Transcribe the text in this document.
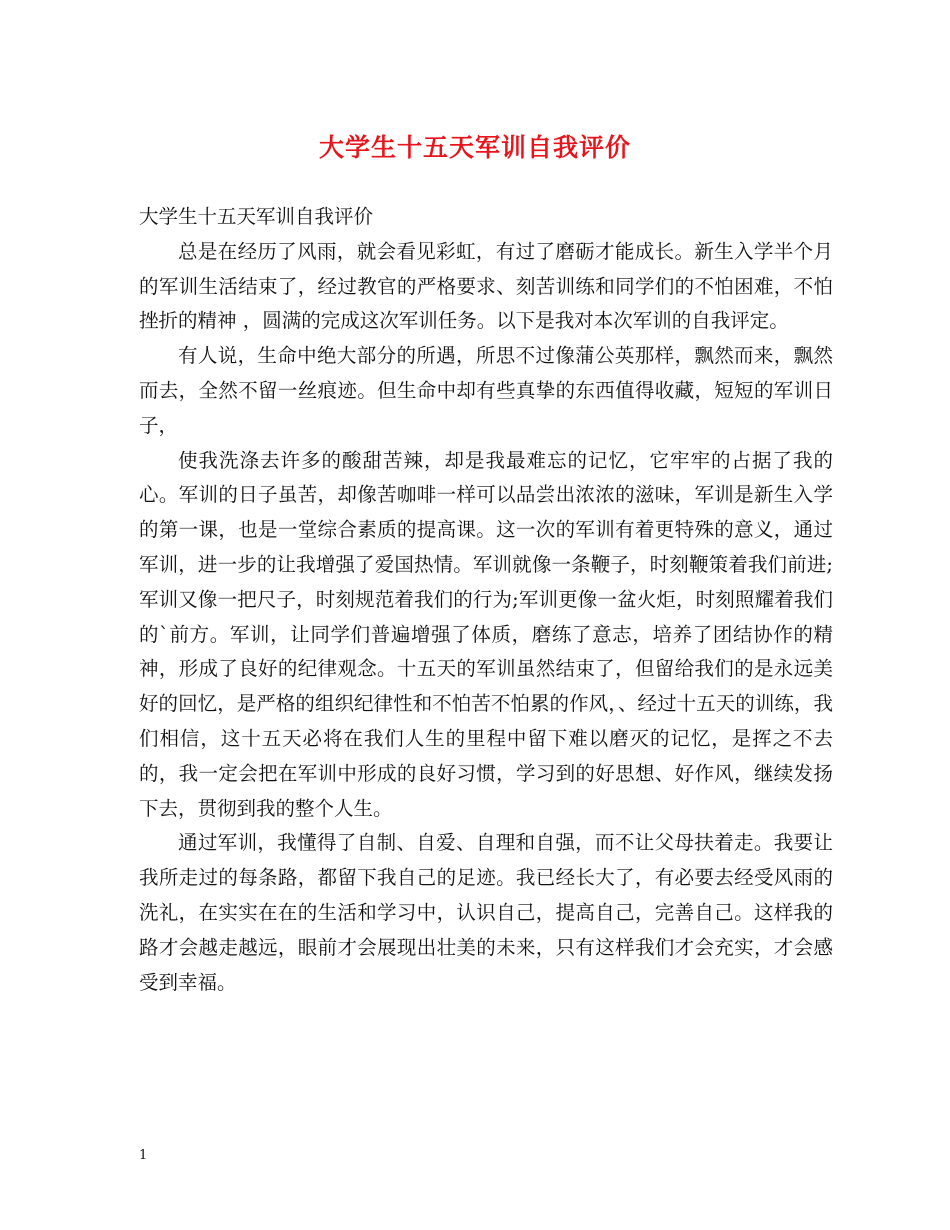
大学生十五天军训自我评价

大学生十五天军训自我评价

总是在经历了风雨，就会看见彩虹，有过了磨砺才能成长。新生入学半个月的军训生活结束了，经过教官的严格要求、刻苦训练和同学们的不怕困难，不怕挫折的精神 ，圆满的完成这次军训任务。以下是我对本次军训的自我评定。

有人说，生命中绝大部分的所遇，所思不过像蒲公英那样，飘然而来，飘然而去，全然不留一丝痕迹。但生命中却有些真挚的东西值得收藏，短短的军训日子，

使我洗涤去许多的酸甜苦辣，却是我最难忘的记忆，它牢牢的占据了我的心。军训的日子虽苦，却像苦咖啡一样可以品尝出浓浓的滋味，军训是新生入学的第一课，也是一堂综合素质的提高课。这一次的军训有着更特殊的意义，通过军训，进一步的让我增强了爱国热情。军训就像一条鞭子，时刻鞭策着我们前进;军训又像一把尺子，时刻规范着我们的行为;军训更像一盆火炬，时刻照耀着我们的`前方。军训，让同学们普遍增强了体质，磨练了意志，培养了团结协作的精神，形成了良好的纪律观念。十五天的军训虽然结束了，但留给我们的是永远美好的回忆，是严格的组织纪律性和不怕苦不怕累的作风，、经过十五天的训练，我们相信，这十五天必将在我们人生的里程中留下难以磨灭的记忆，是挥之不去的，我一定会把在军训中形成的良好习惯，学习到的好思想、好作风，继续发扬下去，贯彻到我的整个人生。

通过军训，我懂得了自制、自爱、自理和自强，而不让父母扶着走。我要让我所走过的每条路，都留下我自己的足迹。我已经长大了，有必要去经受风雨的洗礼，在实实在在的生活和学习中，认识自己，提高自己，完善自己。这样我的路才会越走越远，眼前才会展现出壮美的未来，只有这样我们才会充实，才会感受到幸福。

1
